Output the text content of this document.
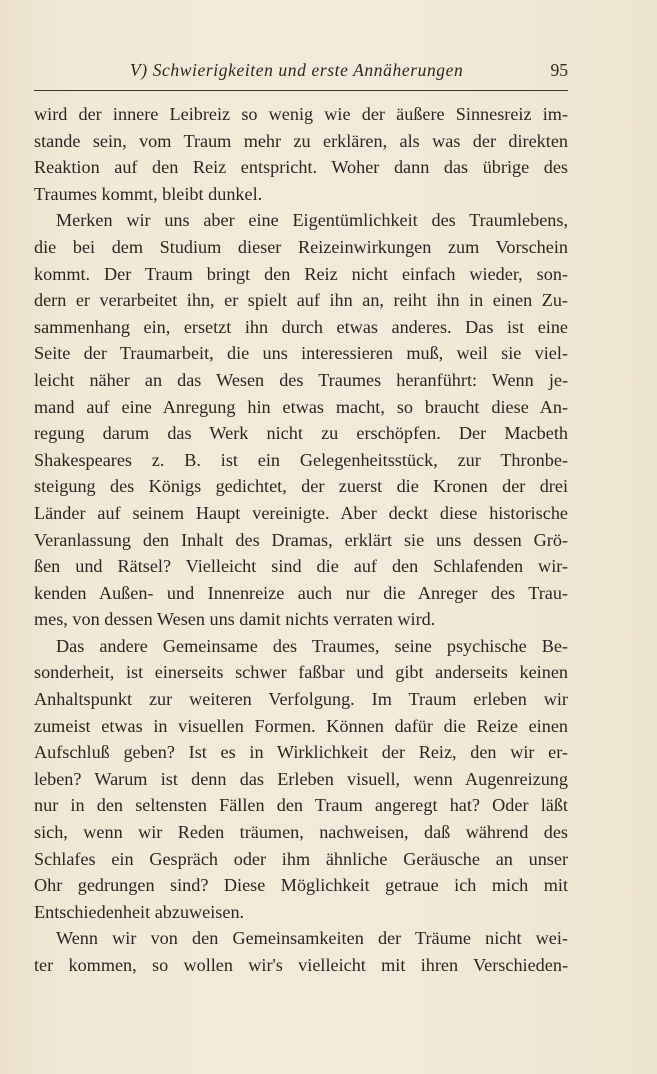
V) Schwierigkeiten und erste Annäherungen	95
wird der innere Leibreiz so wenig wie der äußere Sinnesreiz im-
stande sein, vom Traum mehr zu erklären, als was der direkten
Reaktion auf den Reiz entspricht. Woher dann das übrige des
Traumes kommt, bleibt dunkel.
Merken wir uns aber eine Eigentümlichkeit des Traumlebens,
die bei dem Studium dieser Reizeinwirkungen zum Vorschein
kommt. Der Traum bringt den Reiz nicht einfach wieder, son-
dern er verarbeitet ihn, er spielt auf ihn an, reiht ihn in einen Zu-
sammenhang ein, ersetzt ihn durch etwas anderes. Das ist eine
Seite der Traumarbeit, die uns interessieren muß, weil sie viel-
leicht näher an das Wesen des Traumes heranführt: Wenn je-
mand auf eine Anregung hin etwas macht, so braucht diese An-
regung darum das Werk nicht zu erschöpfen. Der Macbeth
Shakespeares z. B. ist ein Gelegenheitsstück, zur Thronbe-
steigung des Königs gedichtet, der zuerst die Kronen der drei
Länder auf seinem Haupt vereinigte. Aber deckt diese historische
Veranlassung den Inhalt des Dramas, erklärt sie uns dessen Grö-
ßen und Rätsel? Vielleicht sind die auf den Schlafenden wir-
kenden Außen- und Innenreize auch nur die Anreger des Trau-
mes, von dessen Wesen uns damit nichts verraten wird.
Das andere Gemeinsame des Traumes, seine psychische Be-
sonderheit, ist einerseits schwer faßbar und gibt anderseits keinen
Anhaltspunkt zur weiteren Verfolgung. Im Traum erleben wir
zumeist etwas in visuellen Formen. Können dafür die Reize einen
Aufschluß geben? Ist es in Wirklichkeit der Reiz, den wir er-
leben? Warum ist denn das Erleben visuell, wenn Augenreizung
nur in den seltensten Fällen den Traum angeregt hat? Oder läßt
sich, wenn wir Reden träumen, nachweisen, daß während des
Schlafes ein Gespräch oder ihm ähnliche Geräusche an unser
Ohr gedrungen sind? Diese Möglichkeit getraue ich mich mit
Entschiedenheit abzuweisen.
Wenn wir von den Gemeinsamkeiten der Träume nicht wei-
ter kommen, so wollen wir's vielleicht mit ihren Verschieden-
